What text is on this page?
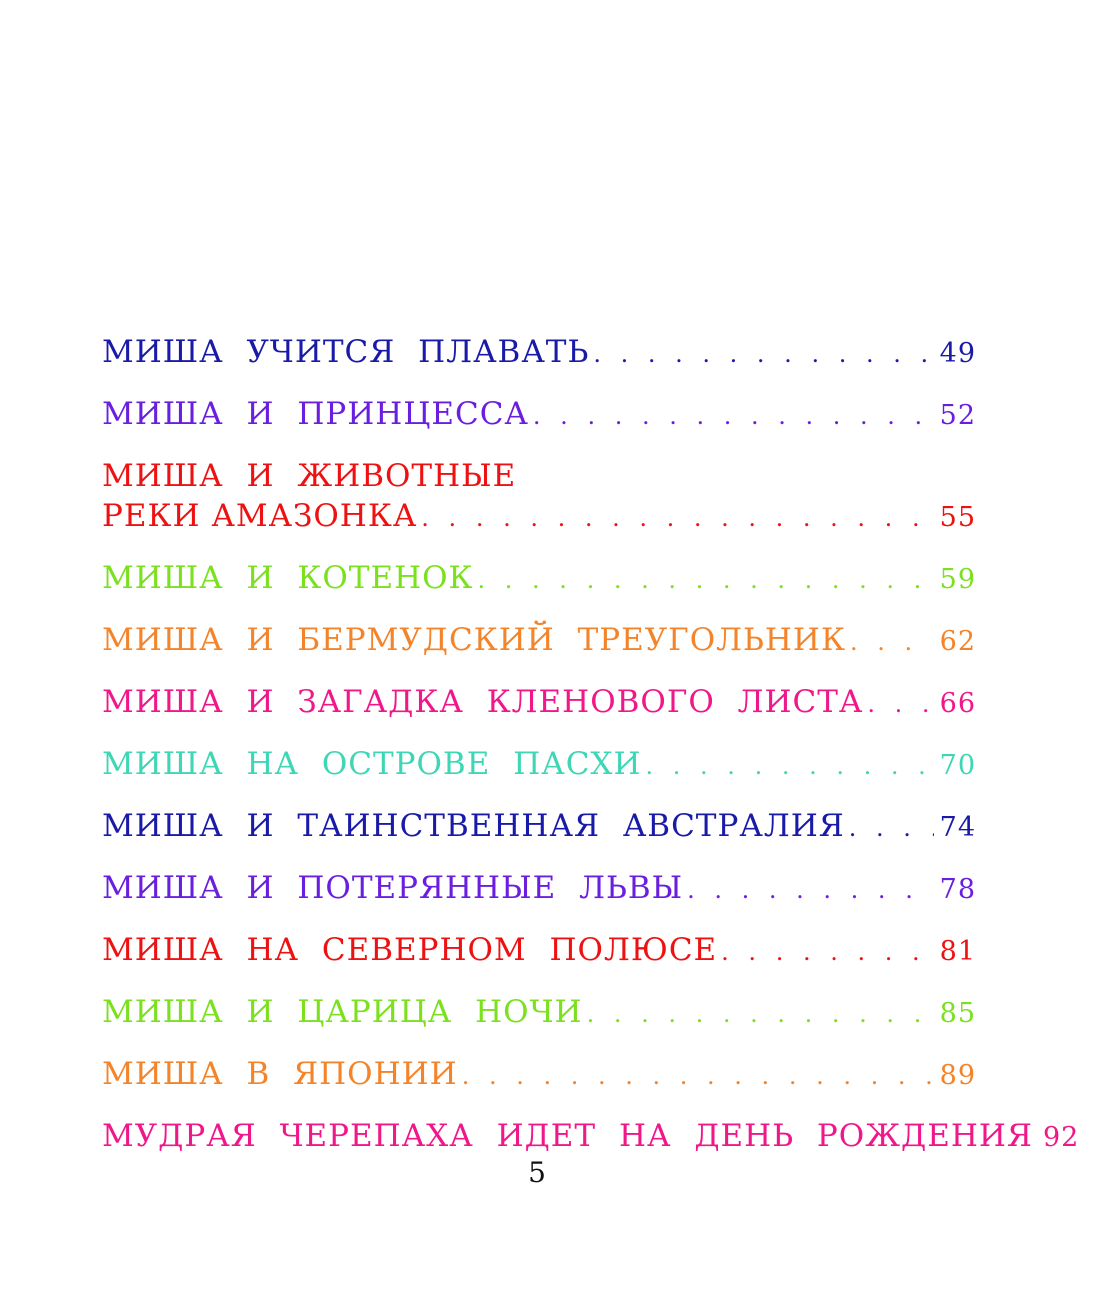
МИША УЧИТСЯ ПЛАВАТЬ . . .	49
МИША И ПРИНЦЕССА . . .	52
МИША И ЖИВОТНЫЕ
РЕКИ АМАЗОНКА . . .	55
МИША И КОТЕНОК . . .	59
МИША И БЕРМУДСКИЙ ТРЕУГОЛЬНИК . . .	62
МИША И ЗАГАДКА КЛЕНОВОГО ЛИСТА . . .	66
МИША НА ОСТРОВЕ ПАСХИ . . .	70
МИША И ТАИНСТВЕННАЯ АВСТРАЛИЯ . . .	74
МИША И ПОТЕРЯННЫЕ ЛЬВЫ . . .	78
МИША НА СЕВЕРНОМ ПОЛЮСЕ . . .	81
МИША И ЦАРИЦА НОЧИ . . .	85
МИША В ЯПОНИИ . . .	89
МУДРАЯ ЧЕРЕПАХА ИДЕТ НА ДЕНЬ РОЖДЕНИЯ 92
5
